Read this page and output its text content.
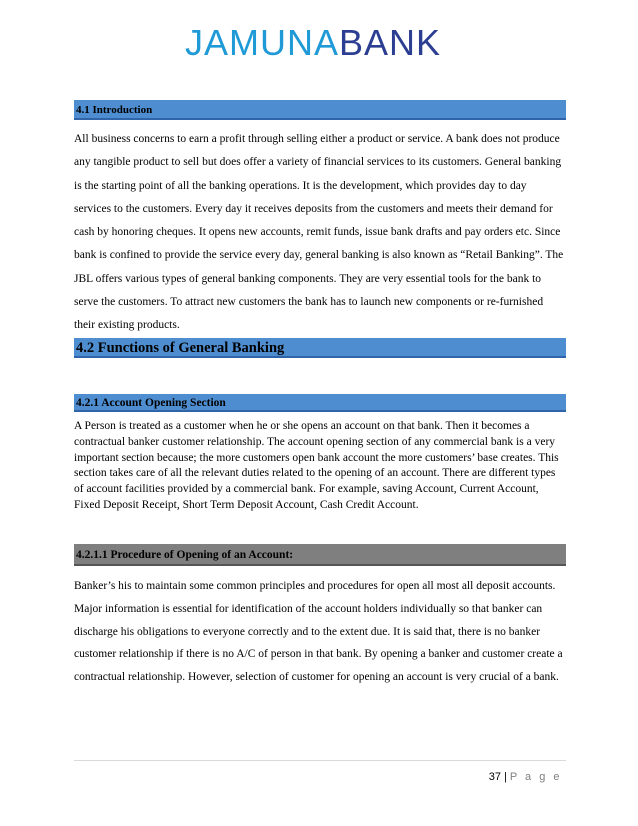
JAMUNA BANK
4.1 Introduction

All business concerns to earn a profit through selling either a product or service. A bank does not produce any tangible product to sell but does offer a variety of financial services to its customers. General banking is the starting point of all the banking operations. It is the development, which provides day to day services to the customers. Every day it receives deposits from the customers and meets their demand for cash by honoring cheques. It opens new accounts, remit funds, issue bank drafts and pay orders etc. Since bank is confined to provide the service every day, general banking is also known as “Retail Banking”. The JBL offers various types of general banking components. They are very essential tools for the bank to serve the customers. To attract new customers the bank has to launch new components or re-furnished their existing products.

4.2 Functions of General Banking
4.2.1 Account Opening Section

A Person is treated as a customer when he or she opens an account on that bank. Then it becomes a contractual banker customer relationship. The account opening section of any commercial bank is a very important section because; the more customers open bank account the more customers’ base creates. This section takes care of all the relevant duties related to the opening of an account. There are different types of account facilities provided by a commercial bank. For example, saving Account, Current Account, Fixed Deposit Receipt, Short Term Deposit Account, Cash Credit Account.

4.2.1.1 Procedure of Opening of an Account:

Banker’s his to maintain some common principles and procedures for open all most all deposit accounts. Major information is essential for identification of the account holders individually so that banker can discharge his obligations to everyone correctly and to the extent due. It is said that, there is no banker customer relationship if there is no A/C of person in that bank. By opening a banker and customer create a contractual relationship. However, selection of customer for opening an account is very crucial of a bank.

37 | P a g e
